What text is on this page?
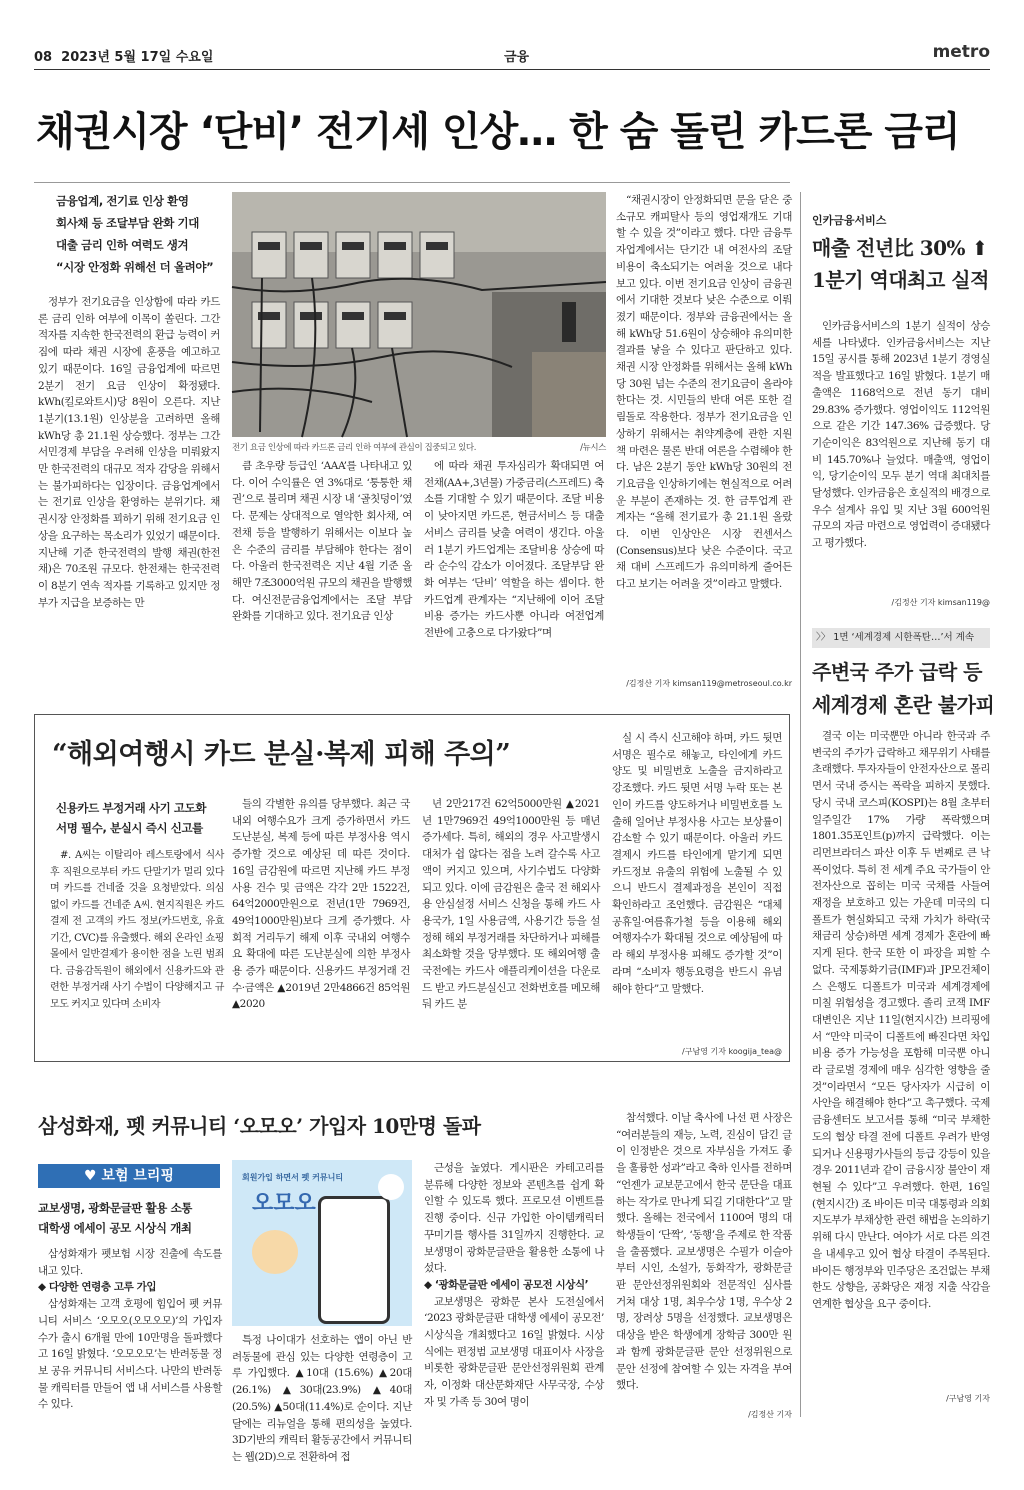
08 2023년 5월 17일 수요일	금융	metro
채권시장 ‘단비’ 전기세 인상… 한 숨 돌린 카드론 금리
금융업계, 전기료 인상 환영
회사채 등 조달부담 완화 기대
대출 금리 인하 여력도 생겨
“시장 안정화 위해선 더 올려야”
전기 요금 인상에 따라 카드론 금리 인하 여부에 관심이 집중되고 있다.	/뉴시스

정부가 전기요금을 인상함에 따라 카드론 금리 인하 여부에 이목이 쏠린다. 그간 적자를 지속한 한국전력의 환급 능력이 커짐에 따라 채권 시장에 훈풍을 예고하고 있기 때문이다. 16일 금융업계에 따르면 2분기 전기 요금 인상이 확정됐다. kWh(킬로와트시)당 8원이 오른다. 지난 1분기(13.1원) 인상분을 고려하면 올해 kWh당 총 21.1원 상승했다. 정부는 그간 서민경제 부담을 우려해 인상을 미뤄왔지만 한국전력의 대규모 적자 감당을 위해서는 불가피하다는 입장이다. 금융업계에서는 전기료 인상을 환영하는 분위기다. 채권시장 안정화를 꾀하기 위해 전기요금 인상을 요구하는 목소리가 있었기 때문이다. 지난해 기준 한국전력의 발행 채권(한전채)은 70조원 규모다. 한전채는 한국전력이 8분기 연속 적자를 기록하고 있지만 정부가 지급을 보증하는 만

큼 초우량 등급인 ‘AAA’를 나타내고 있다. 이어 수익률은 연 3%대로 ‘퉁퉁한 채권’으로 불리며 채권 시장 내 ‘골칫덩이’였다. 문제는 상대적으로 열악한 회사채, 여전채 등을 발행하기 위해서는 이보다 높은 수준의 금리를 부담해야 한다는 점이다. 아울러 한국전력은 지난 4월 기준 올해만 7조3000억원 규모의 채권을 발행했다. 여신전문금융업계에서는 조달 부담 완화를 기대하고 있다. 전기요금 인상

에 따라 채권 투자심리가 확대되면 여전채(AA+,3년물) 가중금리(스프레드) 축소를 기대할 수 있기 때문이다. 조달 비용이 낮아지면 카드론, 현금서비스 등 대출 서비스 금리를 낮출 여력이 생긴다. 아울러 1분기 카드업계는 조달비용 상승에 따라 순수익 감소가 이어졌다. 조달부담 완화 여부는 ‘단비’ 역할을 하는 셈이다. 한 카드업계 관계자는 “지난해에 이어 조달 비용 증가는 카드사뿐 아니라 여전업계 전반에 고충으로 다가왔다”며

“채권시장이 안정화되면 문을 닫은 중소규모 캐피탈사 등의 영업재개도 기대할 수 있을 것”이라고 했다. 다만 금융투자업계에서는 단기간 내 여전사의 조달 비용이 축소되기는 여려울 것으로 내다보고 있다. 이번 전기요금 인상이 금융권에서 기대한 것보다 낮은 수준으로 이뤄졌기 때문이다. 정부와 금융권에서는 올해 kWh당 51.6원이 상승해야 유의미한 결과를 낳을 수 있다고 판단하고 있다. 채권 시장 안정화를 위해서는 올해 kWh당 30원 넘는 수준의 전기요금이 올라야 한다는 것. 시민들의 반대 여론 또한 걸림돌로 작용한다. 정부가 전기요금을 인상하기 위해서는 취약계층에 관한 지원책 마련은 물론 반대 여론을 수렴해야 한다. 남은 2분기 동안 kWh당 30원의 전기요금을 인상하기에는 현실적으로 어려운 부분이 존재하는 것. 한 금투업계 관계자는 “올해 전기료가 총 21.1원 올랐다. 이번 인상안은 시장 컨센서스(Consensus)보다 낮은 수준이다. 국고채 대비 스프레드가 유의미하게 줄어든다고 보기는 어려울 것”이라고 말했다.

/김정산 기자 kimsan119@metroseoul.co.kr
인카금융서비스
매출 전년比 30% ⬆
1분기 역대최고 실적

인카금융서비스의 1분기 실적이 상승세를 나타냈다. 인카금융서비스는 지난 15일 공시를 통해 2023년 1분기 경영실적을 발표했다고 16일 밝혔다. 1분기 매출액은 1168억으로 전년 동기 대비 29.83% 증가했다. 영업이익도 112억원으로 같은 기간 147.36% 급증했다. 당기순이익은 83억원으로 지난해 동기 대비 145.70%나 늘었다. 매출액, 영업이익, 당기순이익 모두 분기 역대 최대치를 달성했다. 인카금융은 호실적의 배경으로 우수 설계사 유입 및 지난 3월 600억원 규모의 자금 마련으로 영업력이 증대됐다고 평가했다.

/김정산 기자 kimsan119@
〉〉 1면 ‘세계경제 시한폭탄…’서 계속
주변국 주가 급락 등
세계경제 혼란 불가피

결국 이는 미국뿐만 아니라 한국과 주변국의 주가가 급락하고 채무위기 사태를 초래했다. 투자자들이 안전자산으로 몰리면서 국내 증시는 폭락을 피하지 못했다. 당시 국내 코스피(KOSPI)는 8월 초부터 일주일간 17% 가량 폭락했으며 1801.35포인트(p)까지 급락했다. 이는 리먼브라더스 파산 이후 두 번째로 큰 낙폭이었다. 특히 전 세계 주요 국가들이 안전자산으로 꼽히는 미국 국채를 사들여 재정을 보호하고 있는 가운데 미국의 디폴트가 현실화되고 국채 가치가 하락(국채금리 상승)하면 세계 경제가 혼란에 빠지게 된다. 한국 또한 이 파장을 피할 수 없다. 국제통화기금(IMF)과 JP모건체이스 은행도 디폴트가 미국과 세계경제에 미칠 위험성을 경고했다. 졸리 코잭 IMF 대변인은 지난 11일(현지시간) 브리핑에서 “만약 미국이 디폴트에 빠진다면 차입비용 증가 가능성을 포함해 미국뿐 아니라 글로벌 경제에 매우 심각한 영향을 줄 것”이라면서 “모든 당사자가 시급히 이 사안을 해결해야 한다”고 촉구했다. 국제금융센터도 보고서를 통해 “미국 부채한도의 협상 타결 전에 디폴트 우려가 반영되거나 신용평가사들의 등급 강등이 있을 경우 2011년과 같이 금융시장 불안이 재현될 수 있다”고 우려했다. 한편, 16일(현지시간) 조 바이든 미국 대통령과 의회 지도부가 부채상한 관련 해법을 논의하기 위해 다시 만난다. 여야가 서로 다른 의견을 내세우고 있어 협상 타결이 주목된다. 바이든 행정부와 민주당은 조건없는 부채 한도 상향을, 공화당은 재정 지출 삭감을 연계한 협상을 요구 중이다.

/구남영 기자
“해외여행시 카드 분실·복제 피해 주의”
신용카드 부정거래 사기 고도화
서명 필수, 분실시 즉시 신고를

#. A씨는 이탈리아 레스토랑에서 식사 후 직원으로부터 카드 단말기가 멀리 있다며 카드를 건네줄 것을 요청받았다. 의심 없이 카드를 건네준 A씨. 현지직원은 카드 결제 전 고객의 카드 정보(카드번호, 유효기간, CVC)를 유출했다. 해외 온라인 쇼핑몰에서 일반결제가 용이한 점을 노린 범죄다. 금융감독원이 해외에서 신용카드와 관련한 부정거래 사기 수법이 다양해지고 규모도 커지고 있다며 소비자

들의 각별한 유의를 당부했다. 최근 국내외 여행수요가 크게 증가하면서 카드 도난분실, 복제 등에 따른 부정사용 역시 증가할 것으로 예상된 데 따른 것이다. 16일 금감원에 따르면 지난해 카드 부정사용 건수 및 금액은 각각 2만 1522건, 64억2000만원으로 전년(1만 7969건, 49억1000만원)보다 크게 증가했다. 사회적 거리두기 해제 이후 국내외 여행수요 확대에 따른 도난분실에 의한 부정사용 증가 때문이다. 신용카드 부정거래 건수·금액은 ▲2019년 2만4866건 85억원 ▲2020

년 2만217건 62억5000만원 ▲2021년 1만7969건 49억1000만원 등 매년 증가세다. 특히, 해외의 경우 사고발생시 대처가 쉽 않다는 점을 노려 갈수록 사고액이 커지고 있으며, 사기수법도 다양화되고 있다. 이에 금감원은 출국 전 해외사용 안심설정 서비스 신청을 통해 카드 사용국가, 1일 사용금액, 사용기간 등을 설정해 해외 부정거래를 차단하거나 피해를 최소화할 것을 당부했다. 또 해외여행 출국전에는 카드사 애플리케이션을 다운로드 받고 카드분실신고 전화번호를 메모해둬 카드 분

실 시 즉시 신고해야 하며, 카드 뒷면 서명은 필수로 해놓고, 타인에게 카드 양도 및 비밀번호 노출을 금지하라고 강조했다. 카드 뒷면 서명 누락 또는 본인이 카드를 양도하거나 비밀번호를 노출해 일어난 부정사용 사고는 보상률이 감소할 수 있기 때문이다. 아울러 카드 결제시 카드를 타인에게 맡기게 되면 카드정보 유출의 위험에 노출될 수 있으니 반드시 결제과정을 본인이 직접 확인하라고 조언했다. 금감원은 “대체공휴일·여름휴가철 등을 이용해 해외 여행자수가 확대될 것으로 예상됨에 따라 해외 부정사용 피해도 증가할 것”이라며 “소비자 행동요령을 반드시 유념해야 한다”고 말했다.

/구남영 기자 koogija_tea@
삼성화재, 펫 커뮤니티 ‘오모오’ 가입자 10만명 돌파
♥ 보험 브리핑
교보생명, 광화문글판 활용 소통
대학생 에세이 공모 시상식 개최

삼성화재가 펫보험 시장 진출에 속도를 내고 있다.

◆ 다양한 연령층 고루 가입

삼성화재는 고객 호평에 힘입어 펫 커뮤니티 서비스 ‘오모오(오모오모)’의 가입자 수가 출시 6개월 만에 10만명을 돌파했다고 16일 밝혔다. ‘오모오모’는 반려동물 정보 공유 커뮤니티 서비스다. 나만의 반려동물 캐릭터를 만들어 앱 내 서비스를 사용할 수 있다.

회원가입 하면서 펫 커뮤니티
오모오

특정 나이대가 선호하는 앱이 아닌 반려동물에 관심 있는 다양한 연령층이 고루 가입했다. ▲10대 (15.6%) ▲20대 (26.1%) ▲30대(23.9%) ▲40대 (20.5%) ▲50대(11.4%)로 순이다. 지난달에는 리뉴얼을 통해 편의성을 높였다. 3D기반의 캐릭터 활동공간에서 커뮤니티는 웹(2D)으로 전환하여 접

근성을 높였다. 게시판은 카테고리를 분류해 다양한 정보와 콘텐츠를 쉽게 확인할 수 있도록 했다. 프로모션 이벤트를 진행 중이다. 신규 가입한 아이템캐릭터 꾸미기를 행사를 31일까지 진행한다. 교보생명이 광화문글판을 활용한 소통에 나섰다.

◆ ‘광화문글판 에세이 공모전 시상식’

교보생명은 광화문 본사 도전실에서 ‘2023 광화문글판 대학생 에세이 공모전’ 시상식을 개최했다고 16일 밝혔다. 시상식에는 편정범 교보생명 대표이사 사장을 비롯한 광화문글판 문안선정위원회 관계자, 이정화 대산문화재단 사무국장, 수상자 및 가족 등 30여 명이

참석했다. 이날 축사에 나선 편 사장은 “여러분들의 재능, 노력, 진심이 담긴 글이 인정받은 것으로 자부심을 가져도 좋을 훌륭한 성과”라고 축하 인사를 전하며 “언젠가 교보문고에서 한국 문단을 대표하는 작가로 만나게 되길 기대한다”고 말했다. 올해는 전국에서 1100여 명의 대학생들이 ‘단짝’, ‘동행’을 주제로 한 작품을 출품했다. 교보생명은 수필가 이슬아부터 시인, 소설가, 동화작가, 광화문글판 문안선정위원회와 전문적인 심사를 거쳐 대상 1명, 최우수상 1명, 우수상 2명, 장려상 5명을 선정했다. 교보생명은 대상을 받은 학생에게 장학금 300만 원과 함께 광화문글판 문안 선정위원으로 문안 선정에 참여할 수 있는 자격을 부여했다.

/김정산 기자
